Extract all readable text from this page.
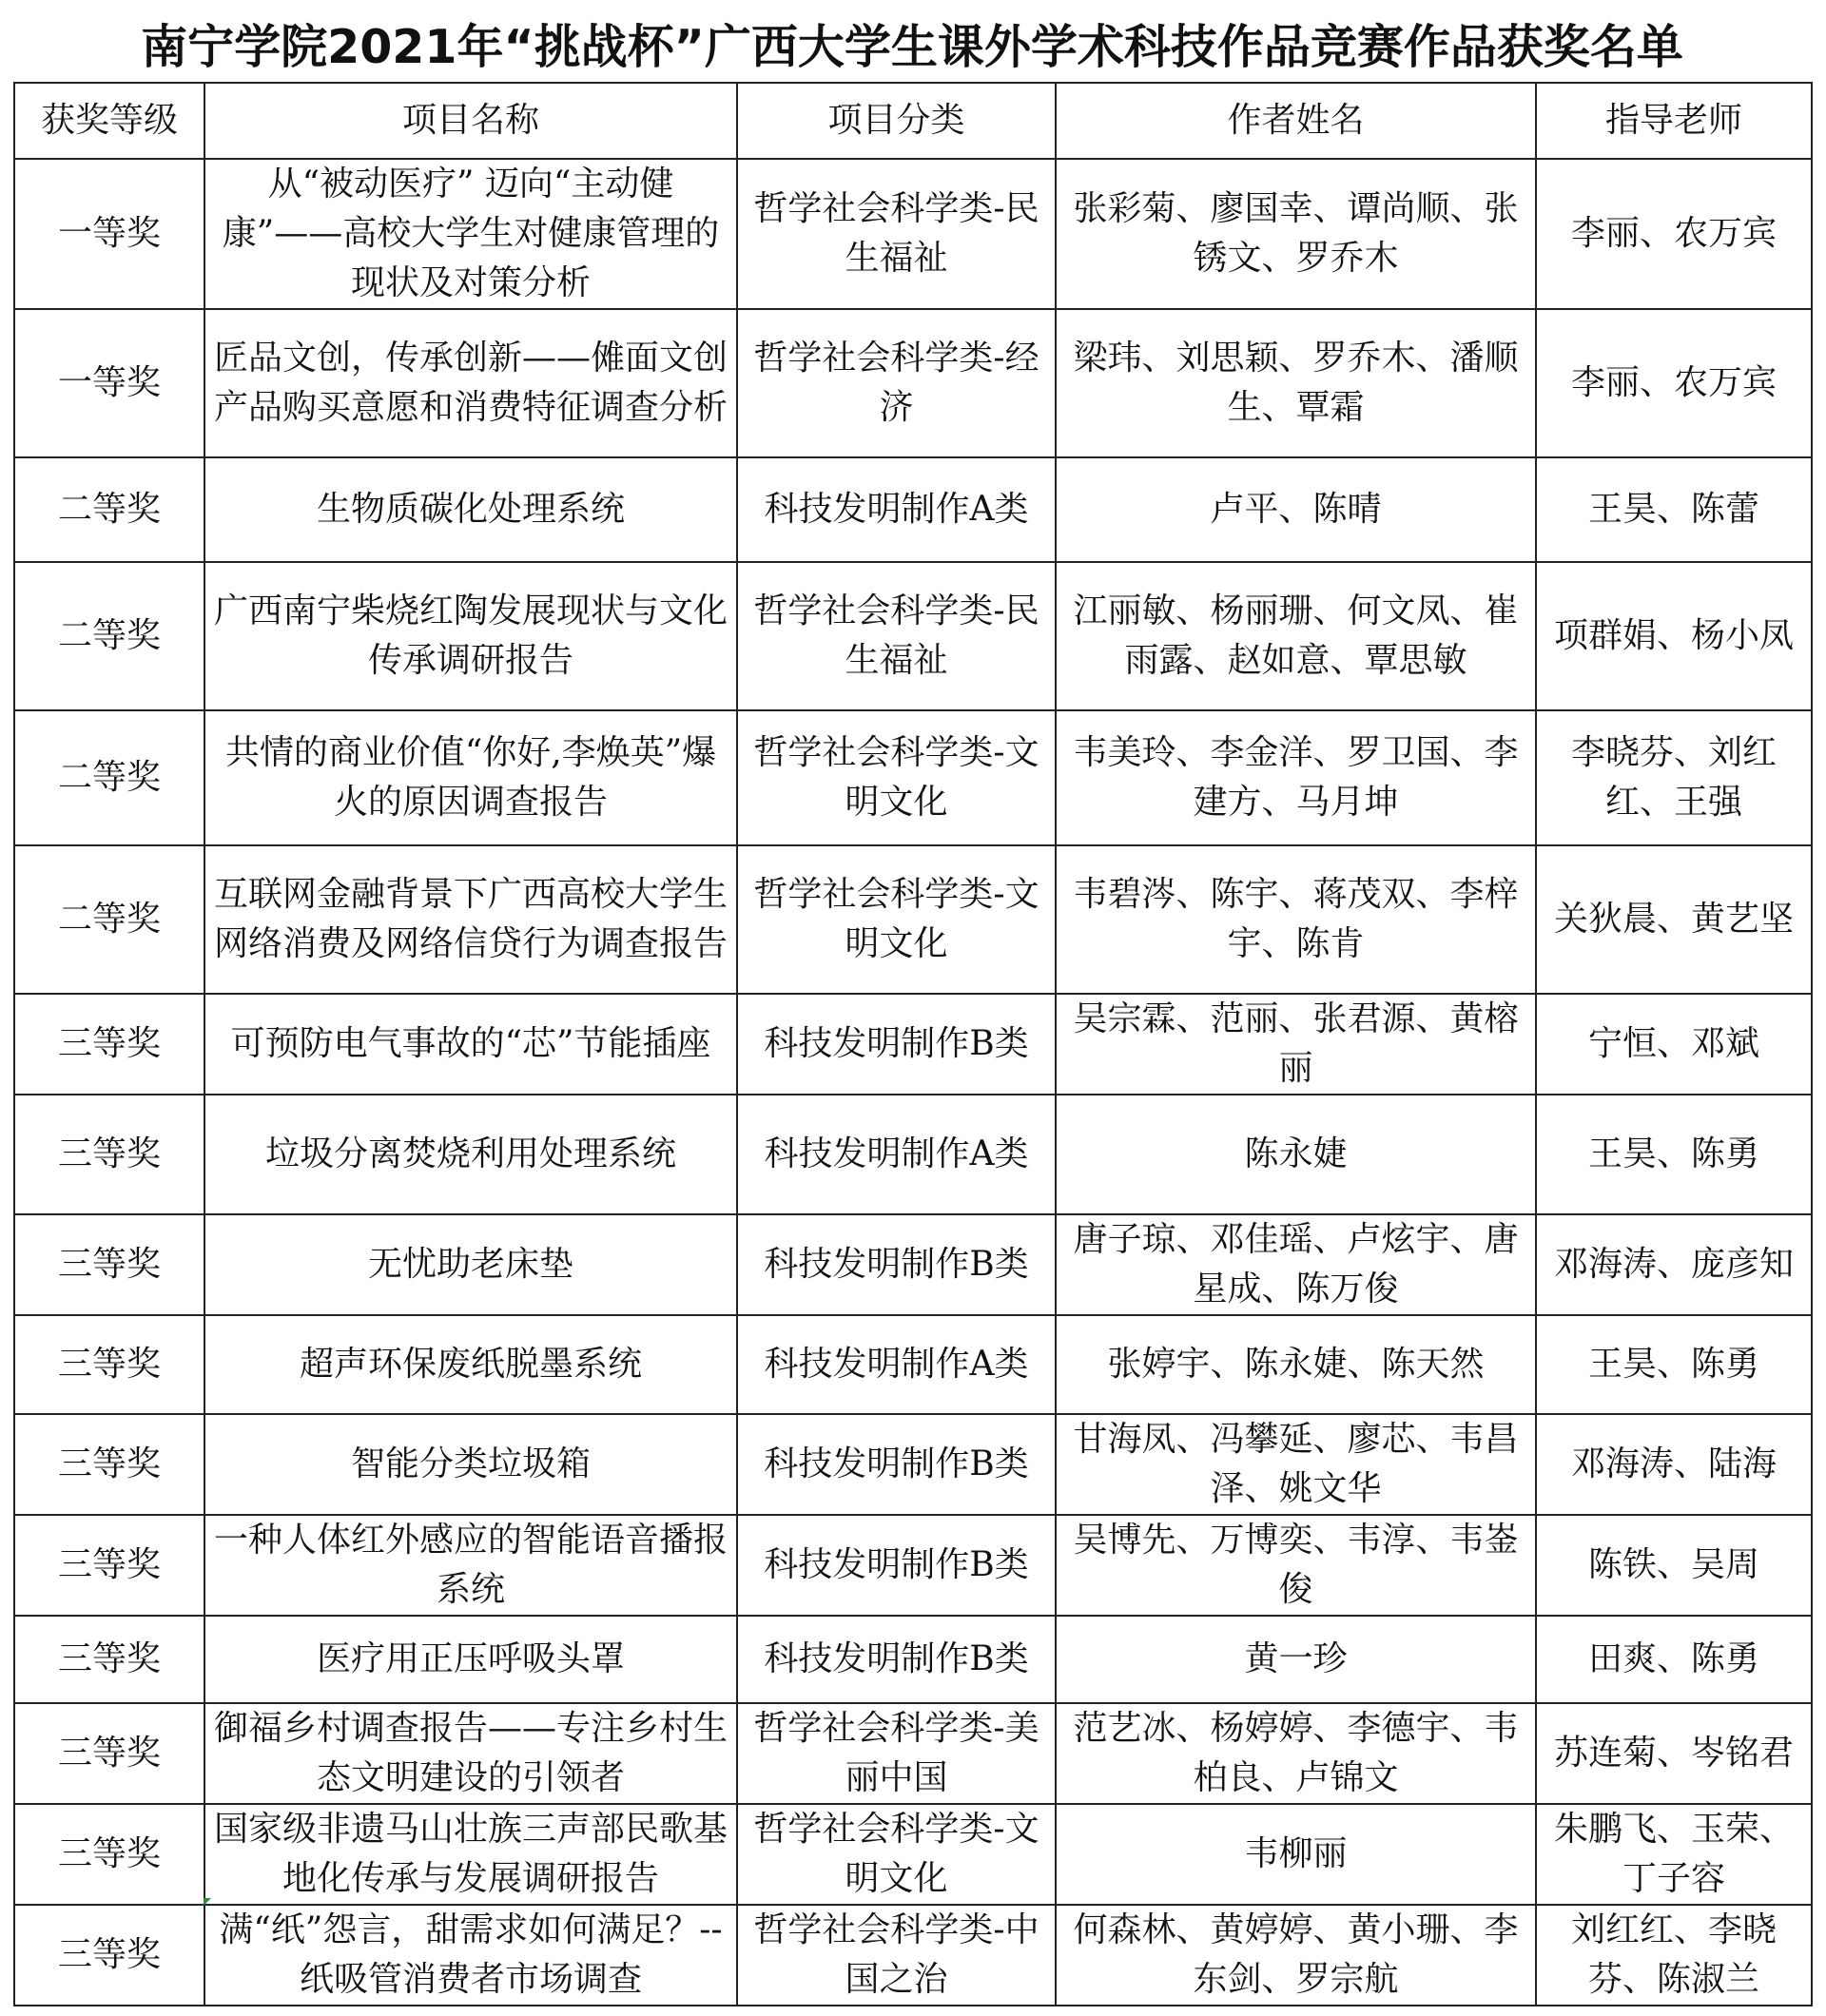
南宁学院2021年“挑战杯”广西大学生课外学术科技作品竞赛作品获奖名单
获奖等级	项目名称	项目分类	作者姓名	指导老师
一等奖	从“被动医疗” 迈向“主动健康”——高校大学生对健康管理的现状及对策分析	哲学社会科学类-民生福祉	张彩菊、廖国幸、谭尚顺、张锈文、罗乔木	李丽、农万宾
一等奖	匠品文创，传承创新——傩面文创产品购买意愿和消费特征调查分析	哲学社会科学类-经济	梁玮、刘思颖、罗乔木、潘顺生、覃霜	李丽、农万宾
二等奖	生物质碳化处理系统	科技发明制作A类	卢平、陈晴	王昊、陈蕾
二等奖	广西南宁柴烧红陶发展现状与文化传承调研报告	哲学社会科学类-民生福祉	江丽敏、杨丽珊、何文凤、崔雨露、赵如意、覃思敏	项群娟、杨小凤
二等奖	共情的商业价值“你好,李焕英”爆火的原因调查报告	哲学社会科学类-文明文化	韦美玲、李金洋、罗卫国、李建方、马月坤	李晓芬、刘红红、王强
二等奖	互联网金融背景下广西高校大学生网络消费及网络信贷行为调查报告	哲学社会科学类-文明文化	韦碧涔、陈宇、蒋茂双、李梓宇、陈肯	关狄晨、黄艺坚
三等奖	可预防电气事故的“芯”节能插座	科技发明制作B类	吴宗霖、范丽、张君源、黄榕丽	宁恒、邓斌
三等奖	垃圾分离焚烧利用处理系统	科技发明制作A类	陈永婕	王昊、陈勇
三等奖	无忧助老床垫	科技发明制作B类	唐子琼、邓佳瑶、卢炫宇、唐星成、陈万俊	邓海涛、庞彦知
三等奖	超声环保废纸脱墨系统	科技发明制作A类	张婷宇、陈永婕、陈天然	王昊、陈勇
三等奖	智能分类垃圾箱	科技发明制作B类	甘海凤、冯攀延、廖芯、韦昌泽、姚文华	邓海涛、陆海
三等奖	一种人体红外感应的智能语音播报系统	科技发明制作B类	吴博先、万博奕、韦淳、韦崟俊	陈铁、吴周
三等奖	医疗用正压呼吸头罩	科技发明制作B类	黄一珍	田爽、陈勇
三等奖	御福乡村调查报告——专注乡村生态文明建设的引领者	哲学社会科学类-美丽中国	范艺冰、杨婷婷、李德宇、韦柏良、卢锦文	苏连菊、岑铭君
三等奖	国家级非遗马山壮族三声部民歌基地化传承与发展调研报告	哲学社会科学类-文明文化	韦柳丽	朱鹏飞、玉荣、丁子容
三等奖	满“纸”怨言，甜需求如何满足？--纸吸管消费者市场调查	哲学社会科学类-中国之治	何森林、黄婷婷、黄小珊、李东剑、罗宗航	刘红红、李晓芬、陈淑兰
